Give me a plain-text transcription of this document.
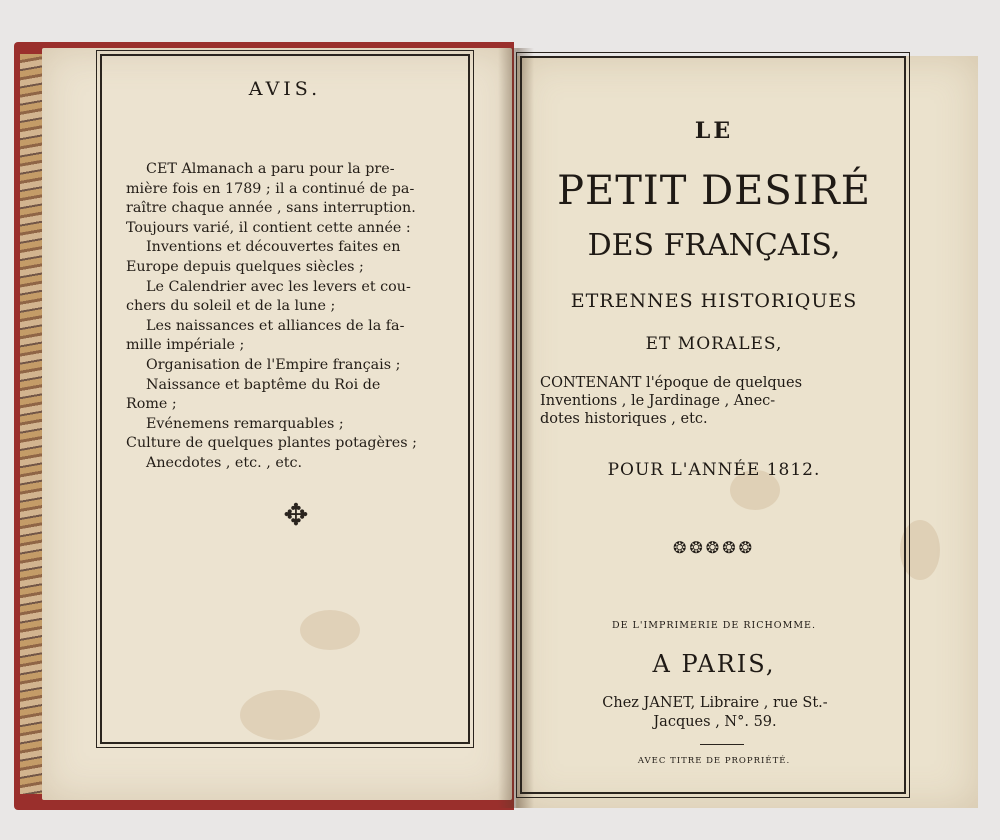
AVIS.
CET Almanach a paru pour la pre-
mière fois en 1789 ; il a continué de pa-
raître chaque année , sans interruption.
Toujours varié, il contient cette année :
Inventions et découvertes faites en
Europe depuis quelques siècles ;
Le Calendrier avec les levers et cou-
chers du soleil et de la lune ;
Les naissances et alliances de la fa-
mille impériale ;
Organisation de l'Empire français ;
Naissance et baptême du Roi de
Rome ;
Evénemens remarquables ;
Culture de quelques plantes potagères ;
Anecdotes , etc. , etc.
✥
LE
PETIT DESIRÉ
DES FRANÇAIS,
ETRENNES HISTORIQUES
ET MORALES,
CONTENANT l'époque de quelques
Inventions , le Jardinage , Anec-
dotes historiques , etc.
POUR L'ANNÉE 1812.
❂❂❂❂❂
DE L'IMPRIMERIE DE RICHOMME.
A PARIS,
Chez JANET, Libraire , rue St.-
Jacques , N°. 59.
AVEC TITRE DE PROPRIÉTÉ.
